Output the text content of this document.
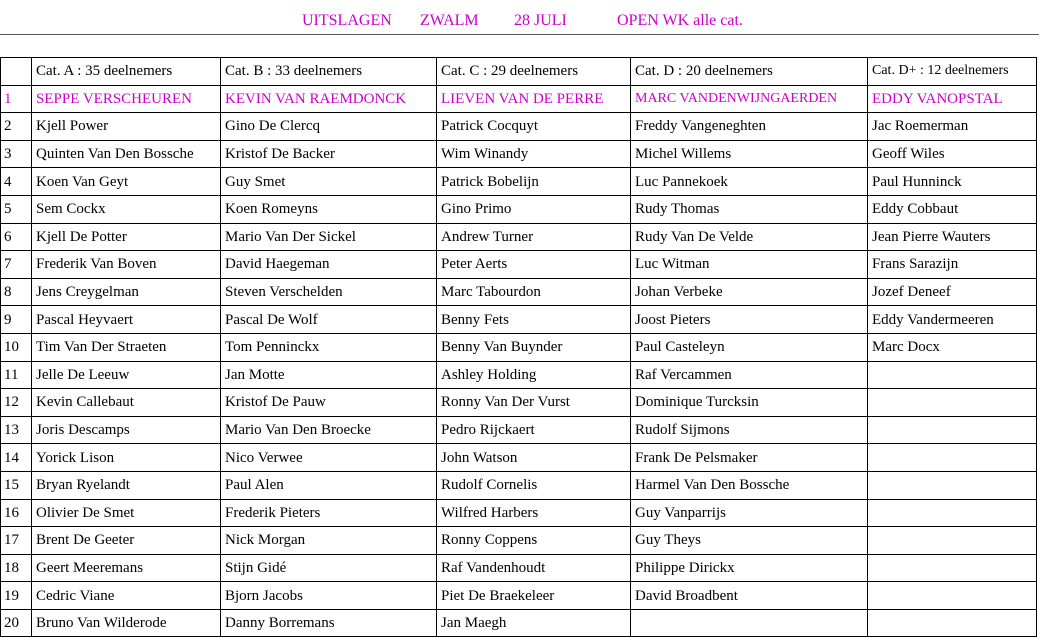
UITSLAGEN ZWALM 28 JULI	OPEN WK alle cat.
	Cat. A : 35 deelnemers	Cat. B : 33 deelnemers	Cat. C : 29 deelnemers	Cat. D : 20 deelnemers	Cat. D+ : 12 deelnemers
1	SEPPE VERSCHEUREN	KEVIN VAN RAEMDONCK	LIEVEN VAN DE PERRE	MARC VANDENWIJNGAERDEN	EDDY VANOPSTAL
2	Kjell Power	Gino De Clercq	Patrick Cocquyt	Freddy Vangeneghten	Jac Roemerman
3	Quinten Van Den Bossche	Kristof De Backer	Wim Winandy	Michel Willems	Geoff Wiles
4	Koen Van Geyt	Guy Smet	Patrick Bobelijn	Luc Pannekoek	Paul Hunninck
5	Sem Cockx	Koen Romeyns	Gino Primo	Rudy Thomas	Eddy Cobbaut
6	Kjell De Potter	Mario Van Der Sickel	Andrew Turner	Rudy Van De Velde	Jean Pierre Wauters
7	Frederik Van Boven	David Haegeman	Peter Aerts	Luc Witman	Frans Sarazijn
8	Jens Creygelman	Steven Verschelden	Marc Tabourdon	Johan Verbeke	Jozef Deneef
9	Pascal Heyvaert	Pascal De Wolf	Benny Fets	Joost Pieters	Eddy Vandermeeren
10	Tim Van Der Straeten	Tom Penninckx	Benny Van Buynder	Paul Casteleyn	Marc Docx
11	Jelle De Leeuw	Jan Motte	Ashley Holding	Raf Vercammen	
12	Kevin Callebaut	Kristof De Pauw	Ronny Van Der Vurst	Dominique Turcksin	
13	Joris Descamps	Mario Van Den Broecke	Pedro Rijckaert	Rudolf Sijmons	
14	Yorick Lison	Nico Verwee	John Watson	Frank De Pelsmaker	
15	Bryan Ryelandt	Paul Alen	Rudolf Cornelis	Harmel Van Den Bossche	
16	Olivier De Smet	Frederik Pieters	Wilfred Harbers	Guy Vanparrijs	
17	Brent De Geeter	Nick Morgan	Ronny Coppens	Guy Theys	
18	Geert Meeremans	Stijn Gidé	Raf Vandenhoudt	Philippe Dirickx	
19	Cedric Viane	Bjorn Jacobs	Piet De Braekeleer	David Broadbent	
20	Bruno Van Wilderode	Danny Borremans	Jan Maegh		
